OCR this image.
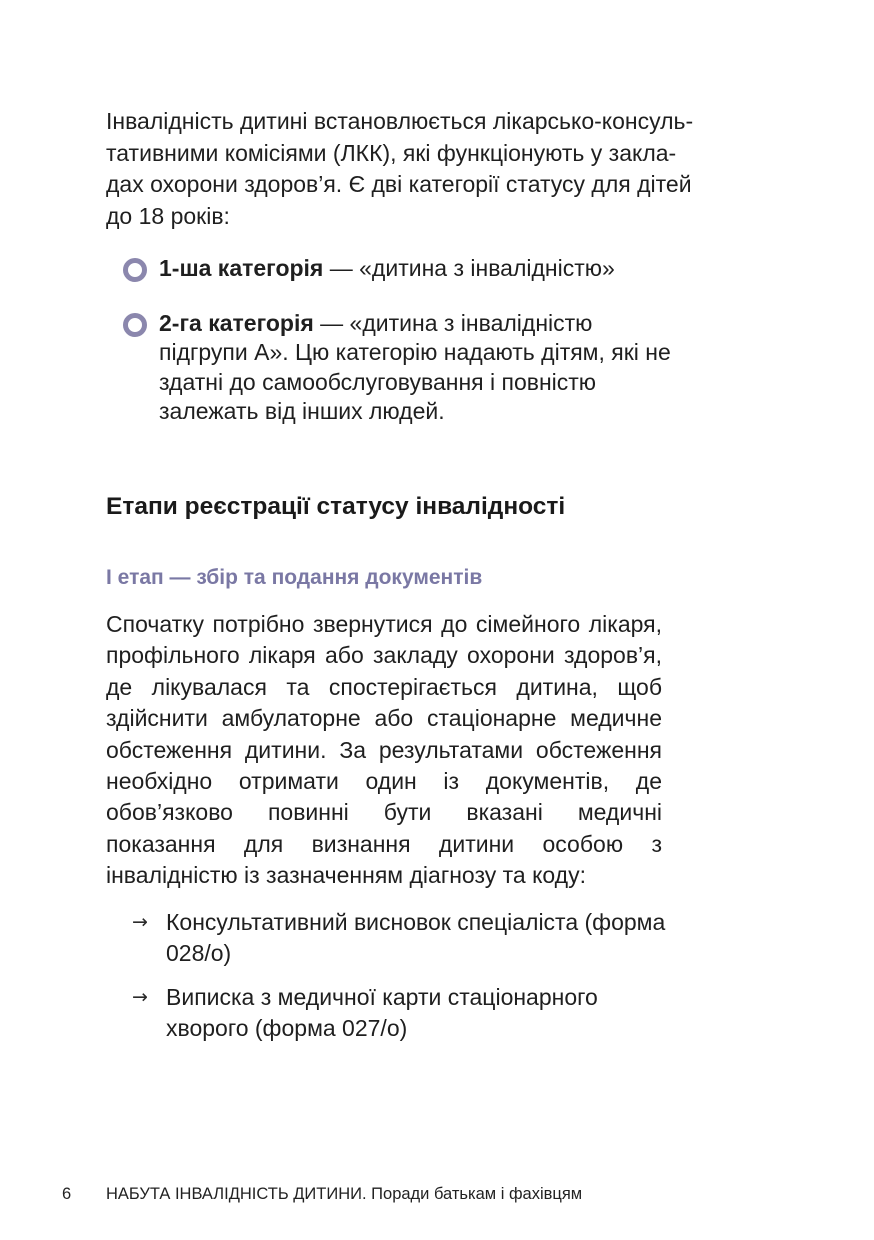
Інвалідність дитині встановлюється лікарсько-консуль-
тативними комісіями (ЛКК), які функціонують у закла-
дах охорони здоров’я. Є дві категорії статусу для дітей
до 18 років:

1-ша категорія — «дитина з інвалідністю»
2-га категорія — «дитина з інвалідністю підгрупи А». Цю категорію надають дітям, які не здатні до самообслуговування і повністю залежать від інших людей.
Етапи реєстрації статусу інвалідності
І етап — збір та подання документів

Спочатку потрібно звернутися до сімейного лікаря, профільного лікаря або закладу охорони здоров’я, де лікувалася та спостерігається дитина, щоб здійснити амбулаторне або стаціонарне медичне обстеження дитини. За результатами обстеження необхідно отримати один із документів, де обов’язково повинні бути вказані медичні показання для визнання дитини особою з інвалідністю із зазначенням діагнозу та коду:

→ Консультативний висновок спеціаліста (форма 028/о)
→ Виписка з медичної карти стаціонарного хворого (форма 027/о)
6 НАБУТА ІНВАЛІДНІСТЬ ДИТИНИ. Поради батькам і фахівцям
